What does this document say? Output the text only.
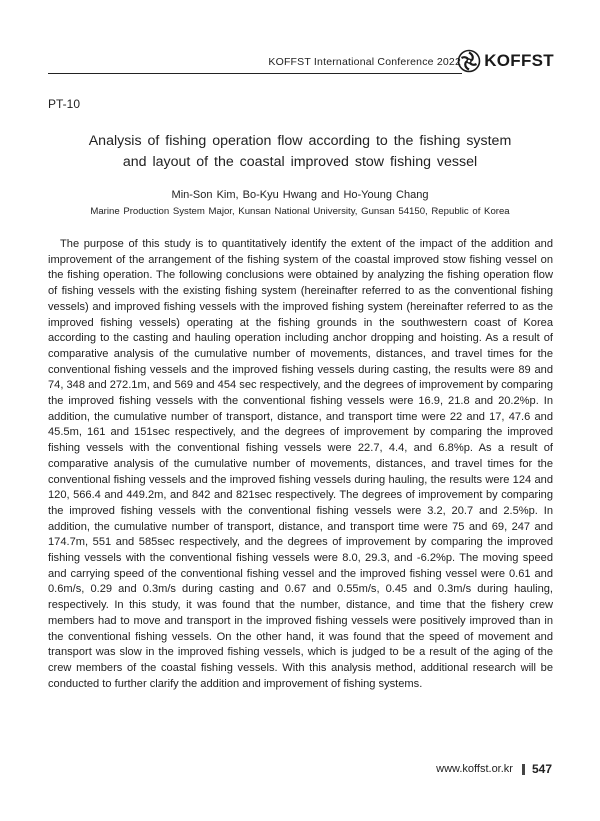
KOFFST International Conference 2022 KOFFST
PT-10
Analysis of fishing operation flow according to the fishing system
and layout of the coastal improved stow fishing vessel
Min-Son Kim, Bo-Kyu Hwang and Ho-Young Chang
Marine Production System Major, Kunsan National University, Gunsan 54150, Republic of Korea

The purpose of this study is to quantitatively identify the extent of the impact of the addition and improvement of the arrangement of the fishing system of the coastal improved stow fishing vessel on the fishing operation. The following conclusions were obtained by analyzing the fishing operation flow of fishing vessels with the existing fishing system (hereinafter referred to as the conventional fishing vessels) and improved fishing vessels with the improved fishing system (hereinafter referred to as the improved fishing vessels) operating at the fishing grounds in the southwestern coast of Korea according to the casting and hauling operation including anchor dropping and hoisting. As a result of comparative analysis of the cumulative number of movements, distances, and travel times for the conventional fishing vessels and the improved fishing vessels during casting, the results were 89 and 74, 348 and 272.1m, and 569 and 454 sec respectively, and the degrees of improvement by comparing the improved fishing vessels with the conventional fishing vessels were 16.9, 21.8 and 20.2%p. In addition, the cumulative number of transport, distance, and transport time were 22 and 17, 47.6 and 45.5m, 161 and 151sec respectively, and the degrees of improvement by comparing the improved fishing vessels with the conventional fishing vessels were 22.7, 4.4, and 6.8%p. As a result of comparative analysis of the cumulative number of movements, distances, and travel times for the conventional fishing vessels and the improved fishing vessels during hauling, the results were 124 and 120, 566.4 and 449.2m, and 842 and 821sec respectively. The degrees of improvement by comparing the improved fishing vessels with the conventional fishing vessels were 3.2, 20.7 and 2.5%p. In addition, the cumulative number of transport, distance, and transport time were 75 and 69, 247 and 174.7m, 551 and 585sec respectively, and the degrees of improvement by comparing the improved fishing vessels with the conventional fishing vessels were 8.0, 29.3, and -6.2%p. The moving speed and carrying speed of the conventional fishing vessel and the improved fishing vessel were 0.61 and 0.6m/s, 0.29 and 0.3m/s during casting and 0.67 and 0.55m/s, 0.45 and 0.3m/s during hauling, respectively. In this study, it was found that the number, distance, and time that the fishery crew members had to move and transport in the improved fishing vessels were positively improved than in the conventional fishing vessels. On the other hand, it was found that the speed of movement and transport was slow in the improved fishing vessels, which is judged to be a result of the aging of the crew members of the coastal fishing vessels. With this analysis method, additional research will be conducted to further clarify the addition and improvement of fishing systems.

www.koffst.or.kr 547
